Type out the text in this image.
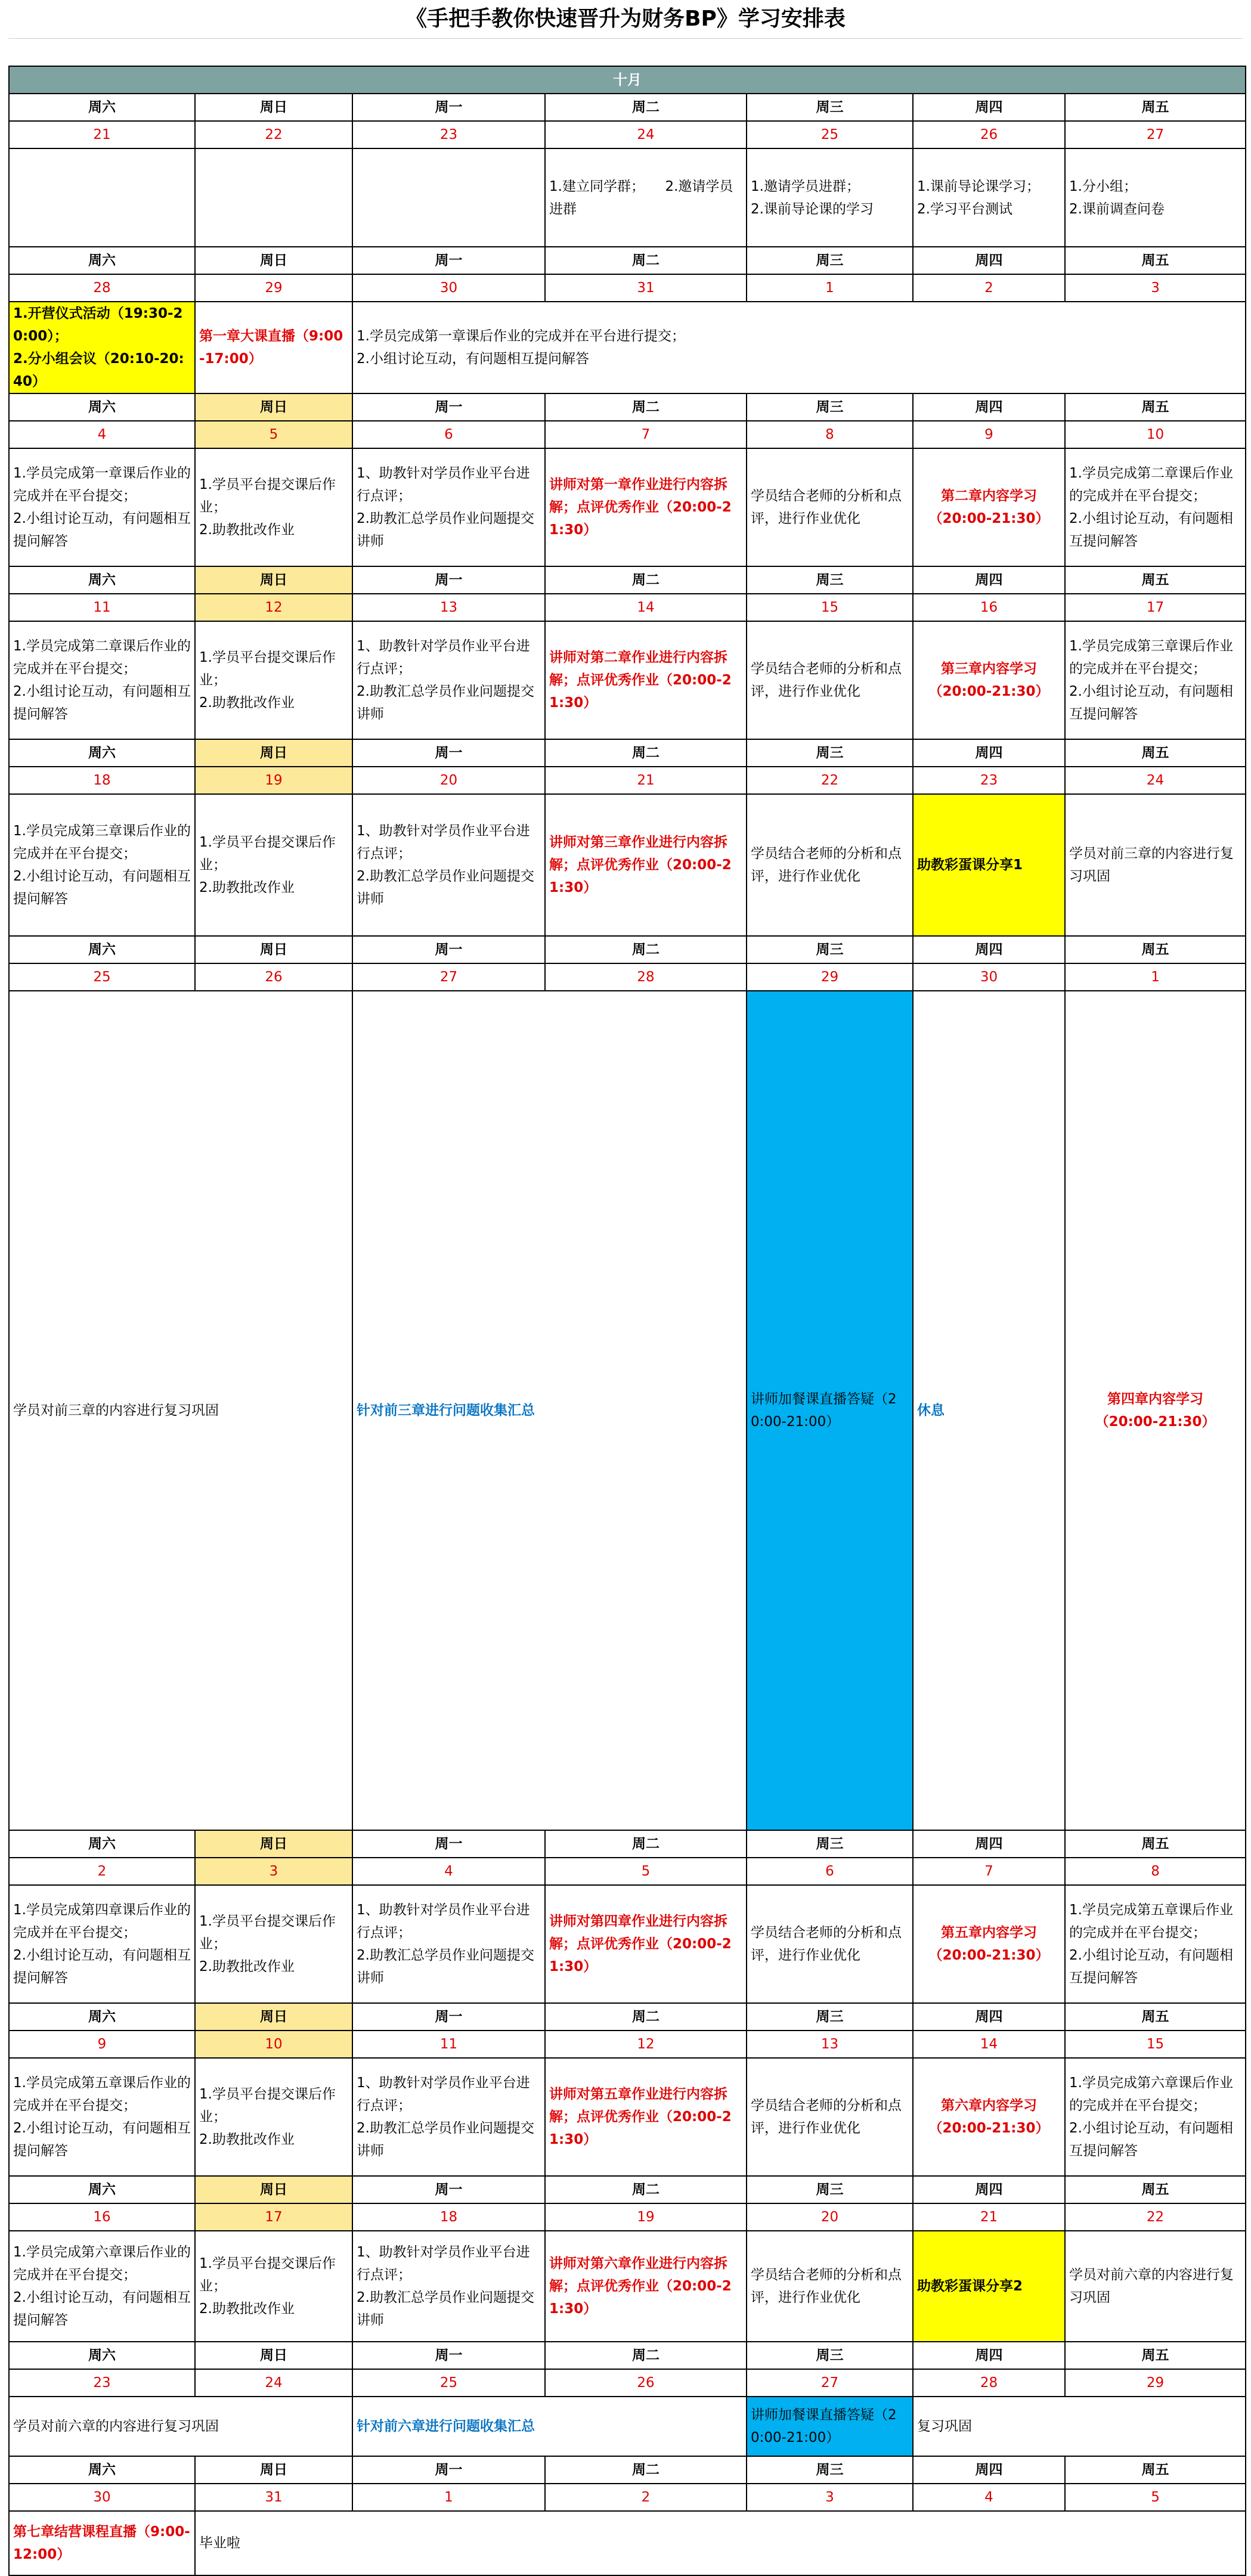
《手把手教你快速晋升为财务BP》学习安排表
十月							
周六	周日	周一	周二	周三	周四	周五	
21	22	23	24	25	26	27	
			1.建立同学群；　　2.邀请学员进群	1.邀请学员进群；
2.课前导论课的学习	1.课前导论课学习；
2.学习平台测试	1.分小组；
2.课前调查问卷	
周六	周日	周一	周二	周三	周四	周五	
28	29	30	31	1	2	3	
1.开营仪式活动（19:30-20:00）；
2.分小组会议（20:10-20:40）	第一章大课直播（9:00-17:00）	1.学员完成第一章课后作业的完成并在平台进行提交；
2.小组讨论互动，有问题相互提问解答					
周六	周日	周一	周二	周三	周四	周五	
4	5	6	7	8	9	10	
1.学员完成第一章课后作业的完成并在平台提交；
2.小组讨论互动，有问题相互提问解答	1.学员平台提交课后作业；
2.助教批改作业	1、助教针对学员作业平台进行点评；
2.助教汇总学员作业问题提交讲师	讲师对第一章作业进行内容拆解；点评优秀作业（20:00-21:30）	学员结合老师的分析和点评，进行作业优化	第二章内容学习
（20:00-21:30）	1.学员完成第二章课后作业的完成并在平台提交；
2.小组讨论互动，有问题相互提问解答	
周六	周日	周一	周二	周三	周四	周五	
11	12	13	14	15	16	17	
1.学员完成第二章课后作业的完成并在平台提交；
2.小组讨论互动，有问题相互提问解答	1.学员平台提交课后作业；
2.助教批改作业	1、助教针对学员作业平台进行点评；
2.助教汇总学员作业问题提交讲师	讲师对第二章作业进行内容拆解；点评优秀作业（20:00-21:30）	学员结合老师的分析和点评，进行作业优化	第三章内容学习
（20:00-21:30）	1.学员完成第三章课后作业的完成并在平台提交；
2.小组讨论互动，有问题相互提问解答	
周六	周日	周一	周二	周三	周四	周五	
18	19	20	21	22	23	24	
1.学员完成第三章课后作业的完成并在平台提交；
2.小组讨论互动，有问题相互提问解答	1.学员平台提交课后作业；
2.助教批改作业	1、助教针对学员作业平台进行点评；
2.助教汇总学员作业问题提交讲师	讲师对第三章作业进行内容拆解；点评优秀作业（20:00-21:30）	学员结合老师的分析和点评，进行作业优化	助教彩蛋课分享1	学员对前三章的内容进行复习巩固	
周六	周日	周一	周二	周三	周四	周五	
25	26	27	28	29	30	1	
学员对前三章的内容进行复习巩固		针对前三章进行问题收集汇总		讲师加餐课直播答疑（20:00-21:00）	休息	第四章内容学习
（20:00-21:30）	
周六	周日	周一	周二	周三	周四	周五	
2	3	4	5	6	7	8	
1.学员完成第四章课后作业的完成并在平台提交；
2.小组讨论互动，有问题相互提问解答	1.学员平台提交课后作业；
2.助教批改作业	1、助教针对学员作业平台进行点评；
2.助教汇总学员作业问题提交讲师	讲师对第四章作业进行内容拆解；点评优秀作业（20:00-21:30）	学员结合老师的分析和点评，进行作业优化	第五章内容学习
（20:00-21:30）	1.学员完成第五章课后作业的完成并在平台提交；
2.小组讨论互动，有问题相互提问解答	
周六	周日	周一	周二	周三	周四	周五	
9	10	11	12	13	14	15	
1.学员完成第五章课后作业的完成并在平台提交；
2.小组讨论互动，有问题相互提问解答	1.学员平台提交课后作业；
2.助教批改作业	1、助教针对学员作业平台进行点评；
2.助教汇总学员作业问题提交讲师	讲师对第五章作业进行内容拆解；点评优秀作业（20:00-21:30）	学员结合老师的分析和点评，进行作业优化	第六章内容学习
（20:00-21:30）	1.学员完成第六章课后作业的完成并在平台提交；
2.小组讨论互动，有问题相互提问解答	
周六	周日	周一	周二	周三	周四	周五	
16	17	18	19	20	21	22	
1.学员完成第六章课后作业的完成并在平台提交；
2.小组讨论互动，有问题相互提问解答	1.学员平台提交课后作业；
2.助教批改作业	1、助教针对学员作业平台进行点评；
2.助教汇总学员作业问题提交讲师	讲师对第六章作业进行内容拆解；点评优秀作业（20:00-21:30）	学员结合老师的分析和点评，进行作业优化	助教彩蛋课分享2	学员对前六章的内容进行复习巩固	
周六	周日	周一	周二	周三	周四	周五	
23	24	25	26	27	28	29	
学员对前六章的内容进行复习巩固		针对前六章进行问题收集汇总		讲师加餐课直播答疑（20:00-21:00）	复习巩固	
周六	周日	周一	周二	周三	周四	周五	
30	31	1	2	3	4	5	
第七章结营课程直播（9:00-12:00）	毕业啦						
